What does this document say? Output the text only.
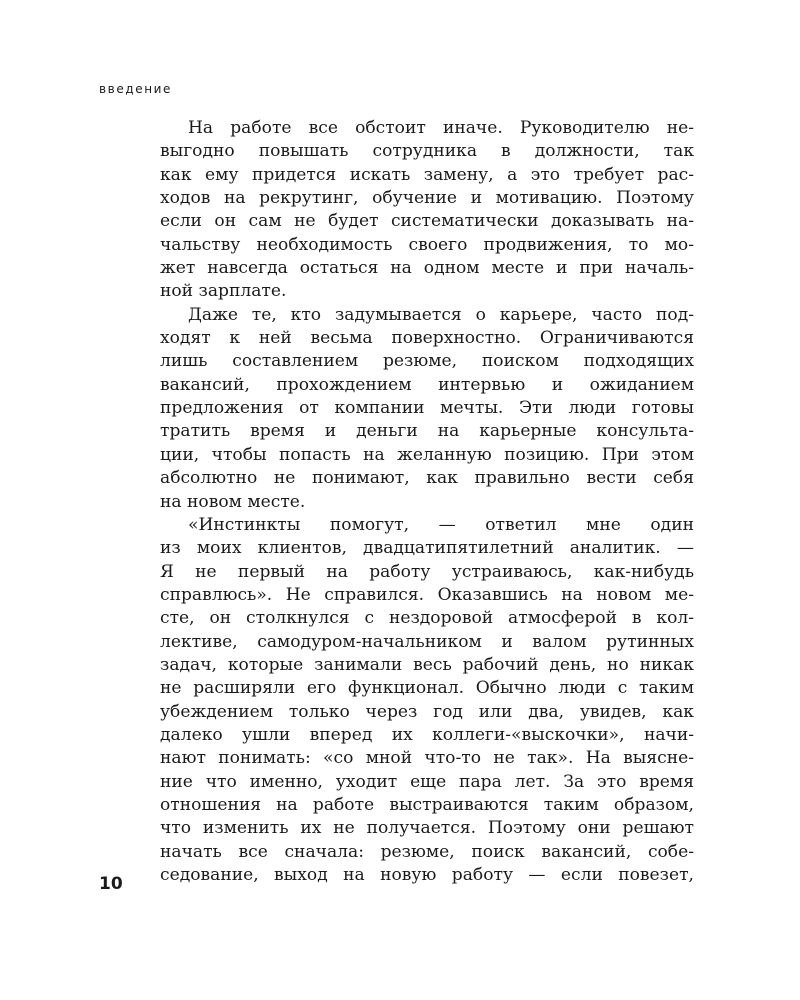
введение
На работе все обстоит иначе. Руководителю не-
выгодно повышать сотрудника в должности, так
как ему придется искать замену, а это требует рас-
ходов на рекрутинг, обучение и мотивацию. Поэтому
если он сам не будет систематически доказывать на-
чальству необходимость своего продвижения, то мо-
жет навсегда остаться на одном месте и при началь-
ной зарплате.
Даже те, кто задумывается о карьере, часто под-
ходят к ней весьма поверхностно. Ограничиваются
лишь составлением резюме, поиском подходящих
вакансий, прохождением интервью и ожиданием
предложения от компании мечты. Эти люди готовы
тратить время и деньги на карьерные консульта-
ции, чтобы попасть на желанную позицию. При этом
абсолютно не понимают, как правильно вести себя
на новом месте.
«Инстинкты помогут, — ответил мне один
из моих клиентов, двадцатипятилетний аналитик. —
Я не первый на работу устраиваюсь, как-нибудь
справлюсь». Не справился. Оказавшись на новом ме-
сте, он столкнулся с нездоровой атмосферой в кол-
лективе, самодуром-начальником и валом рутинных
задач, которые занимали весь рабочий день, но никак
не расширяли его функционал. Обычно люди с таким
убеждением только через год или два, увидев, как
далеко ушли вперед их коллеги-«выскочки», начи-
нают понимать: «со мной что-то не так». На выясне-
ние что именно, уходит еще пара лет. За это время
отношения на работе выстраиваются таким образом,
что изменить их не получается. Поэтому они решают
начать все сначала: резюме, поиск вакансий, собе-
седование, выход на новую работу — если повезет,
10
